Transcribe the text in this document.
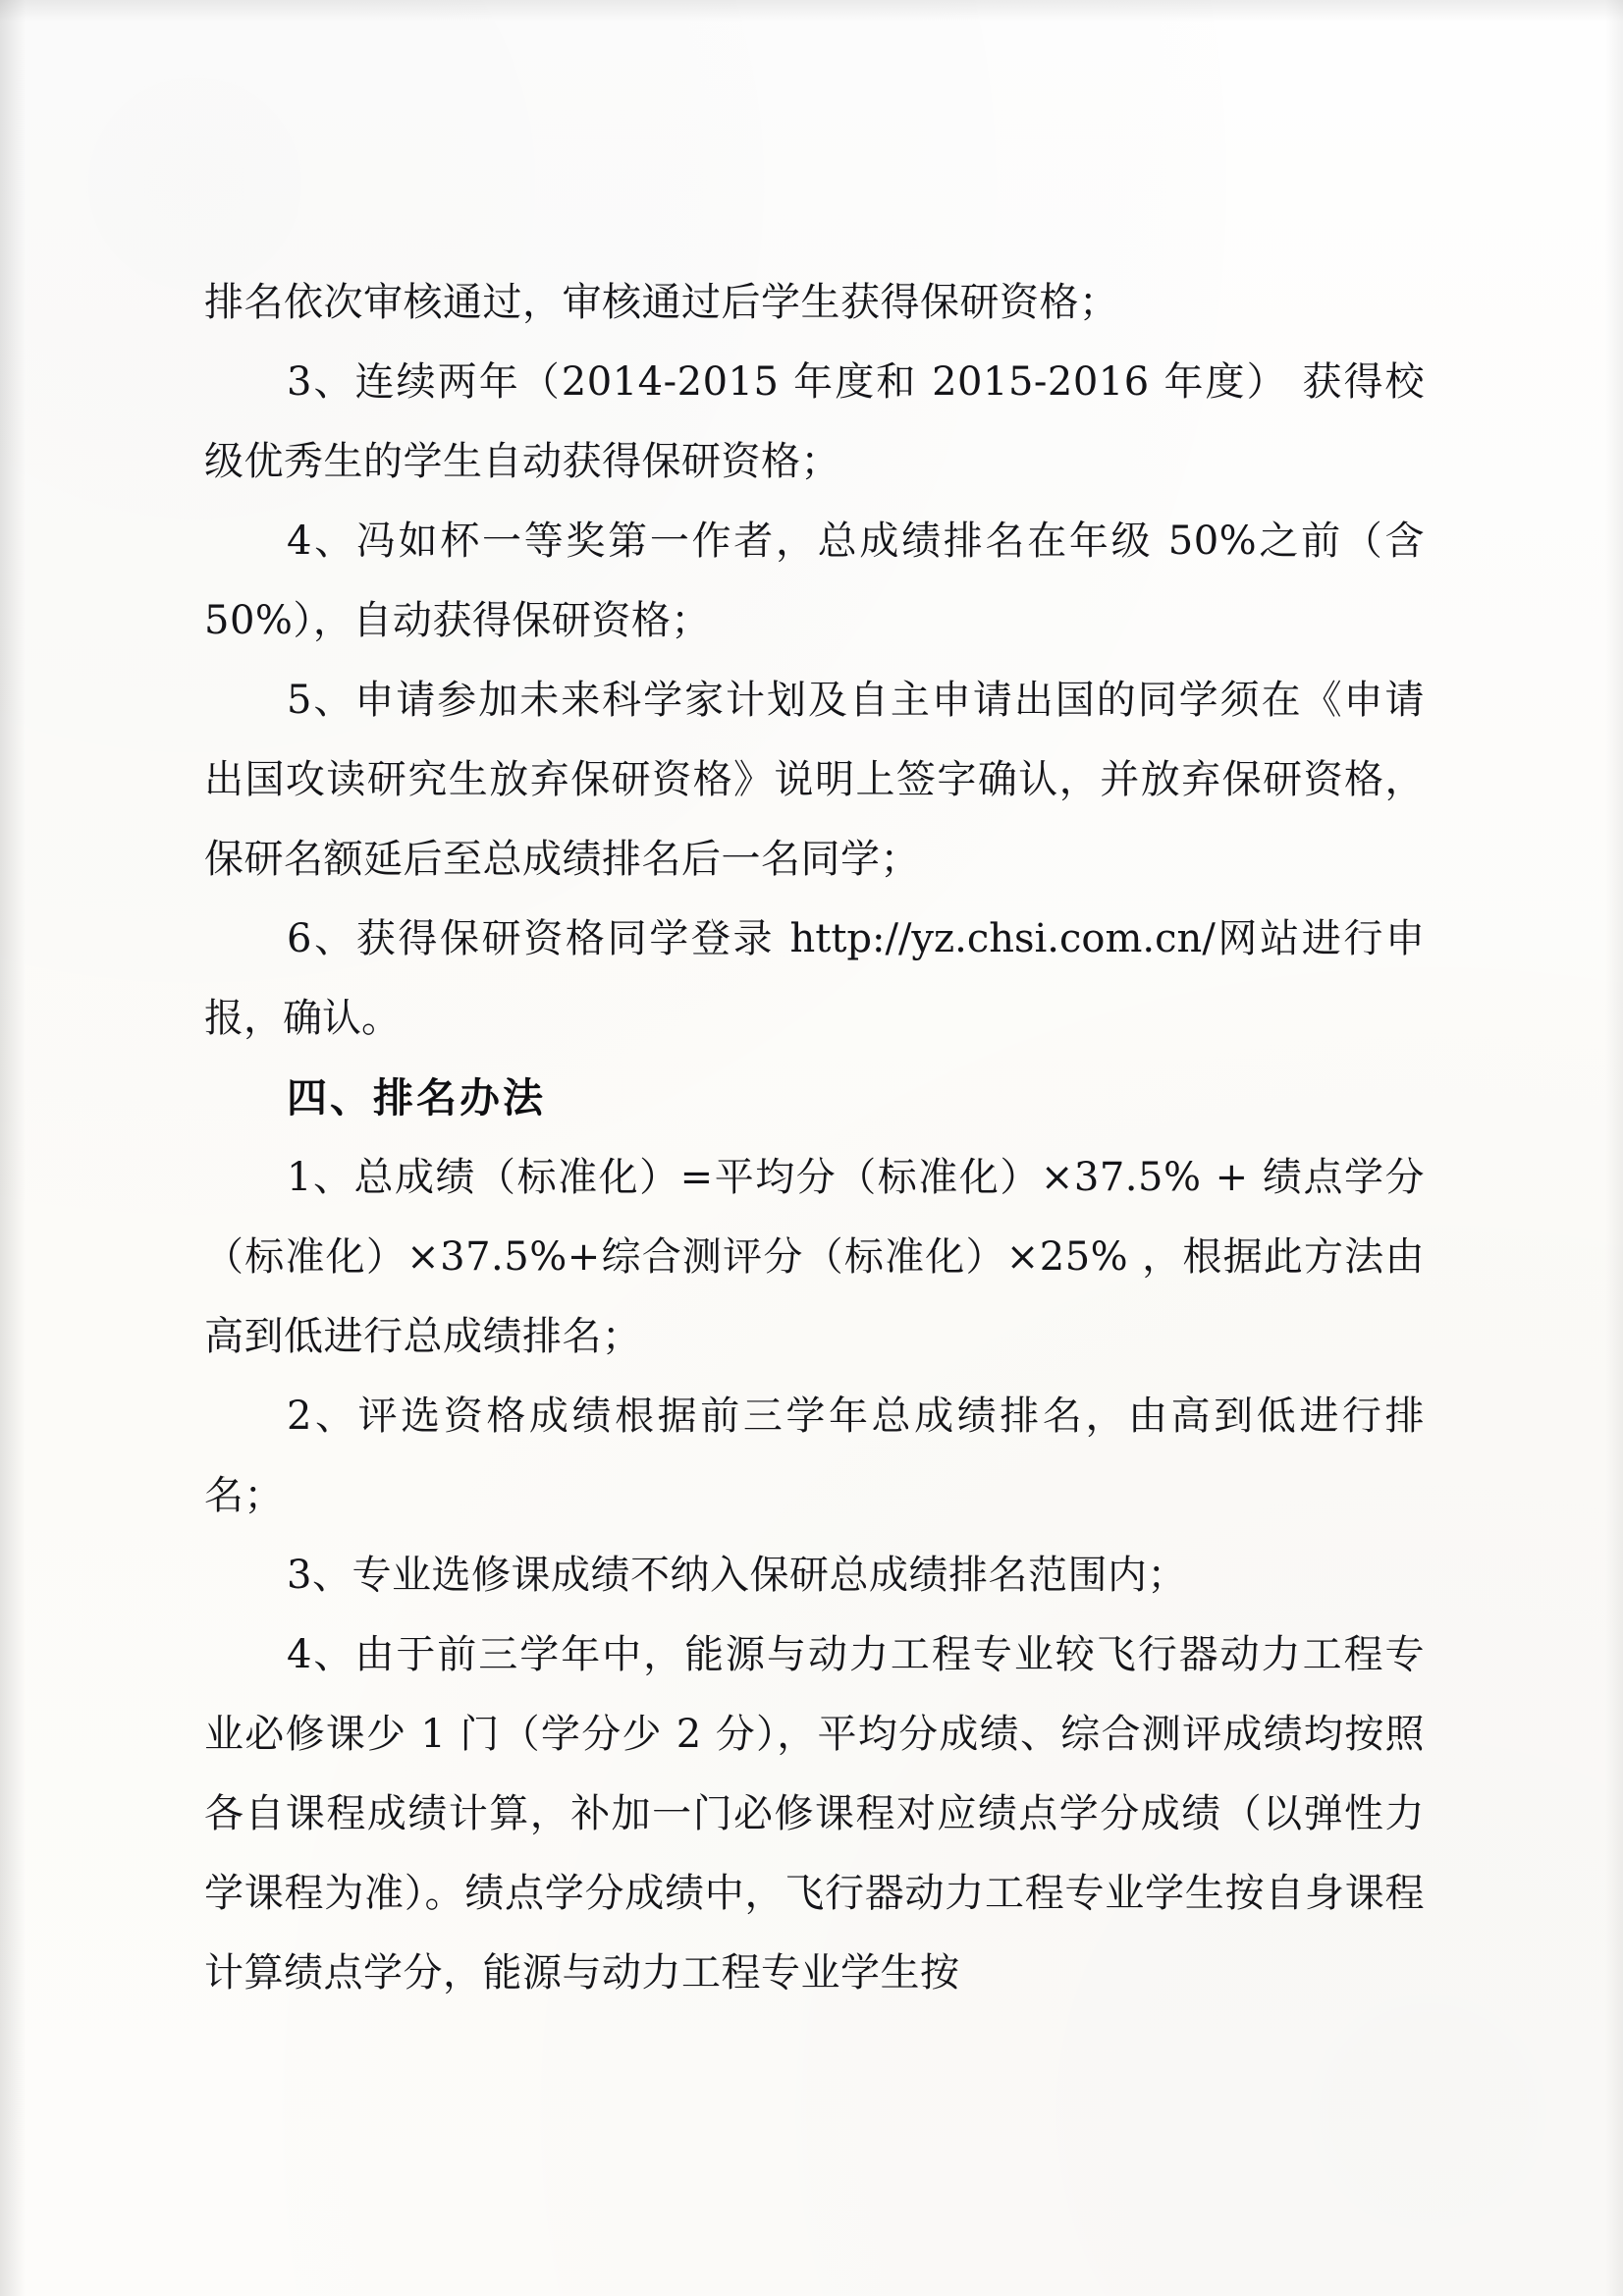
排名依次审核通过，审核通过后学生获得保研资格；

3、连续两年（2014-2015 年度和 2015-2016 年度） 获得校级优秀生的学生自动获得保研资格；

4、冯如杯一等奖第一作者，总成绩排名在年级 50%之前（含 50%），自动获得保研资格；

5、申请参加未来科学家计划及自主申请出国的同学须在《申请出国攻读研究生放弃保研资格》说明上签字确认，并放弃保研资格，保研名额延后至总成绩排名后一名同学；

6、获得保研资格同学登录 http://yz.chsi.com.cn/网站进行申报，确认。

四、排名办法

1、总成绩（标准化）=平均分（标准化）×37.5% + 绩点学分（标准化）×37.5%+综合测评分（标准化）×25% ，根据此方法由高到低进行总成绩排名；

2、评选资格成绩根据前三学年总成绩排名，由高到低进行排名；

3、专业选修课成绩不纳入保研总成绩排名范围内；

4、由于前三学年中，能源与动力工程专业较飞行器动力工程专业必修课少 1 门（学分少 2 分），平均分成绩、综合测评成绩均按照各自课程成绩计算，补加一门必修课程对应绩点学分成绩（以弹性力学课程为准）。绩点学分成绩中，飞行器动力工程专业学生按自身课程计算绩点学分，能源与动力工程专业学生按
